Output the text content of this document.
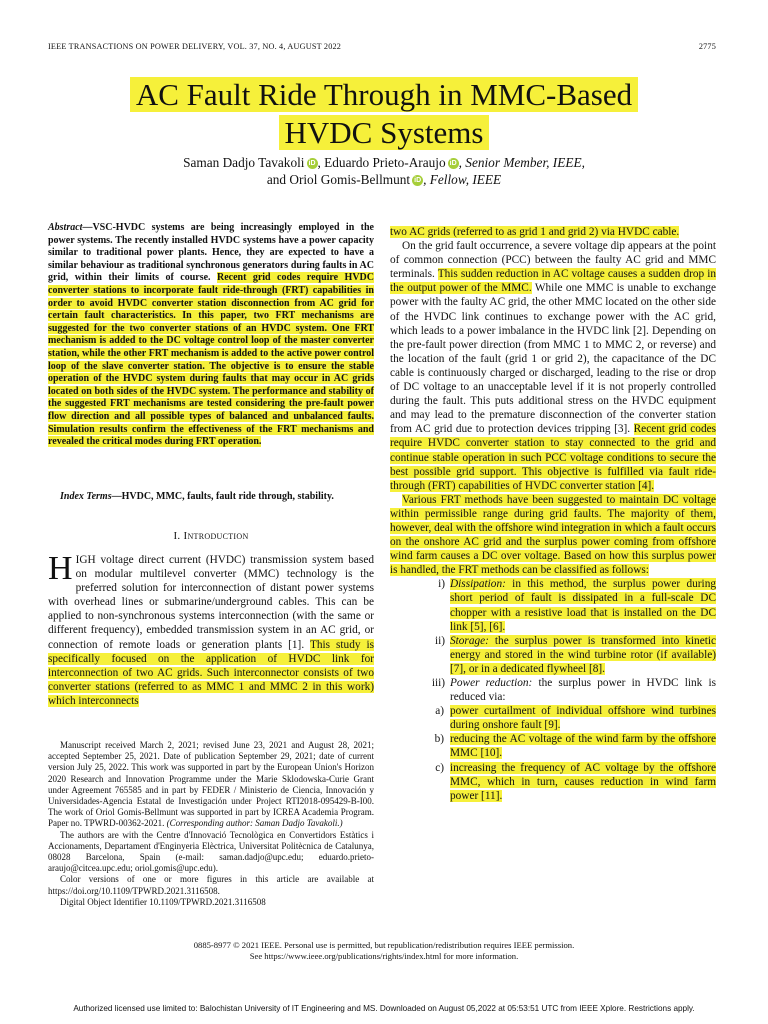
IEEE TRANSACTIONS ON POWER DELIVERY, VOL. 37, NO. 4, AUGUST 2022	2775
AC Fault Ride Through in MMC-Based
HVDC Systems
Saman Dadjo Tavakoli iD , Eduardo Prieto-Araujo iD , Senior Member, IEEE,
and Oriol Gomis-Bellmunt iD , Fellow, IEEE
Abstract—VSC-HVDC systems are being increasingly employed in the power systems. The recently installed HVDC systems have a power capacity similar to traditional power plants. Hence, they are expected to have a similar behaviour as traditional synchronous generators during faults in AC grid, within their limits of course. Recent grid codes require HVDC converter stations to incorporate fault ride-through (FRT) capabilities in order to avoid HVDC converter station disconnection from AC grid for certain fault characteristics. In this paper, two FRT mechanisms are suggested for the two converter stations of an HVDC system. One FRT mechanism is added to the DC voltage control loop of the master converter station, while the other FRT mechanism is added to the active power control loop of the slave converter station. The objective is to ensure the stable operation of the HVDC system during faults that may occur in AC grids located on both sides of the HVDC system. The performance and stability of the suggested FRT mechanisms are tested considering the pre-fault power flow direction and all possible types of balanced and unbalanced faults. Simulation results confirm the effectiveness of the FRT mechanisms and revealed the critical modes during FRT operation.
Index Terms—HVDC, MMC, faults, fault ride through, stability.
I. Introduction
HIGH voltage direct current (HVDC) transmission system based on modular multilevel converter (MMC) technology is the preferred solution for interconnection of distant power systems with overhead lines or submarine/underground cables. This can be applied to non-synchronous systems interconnection (with the same or different frequency), embedded transmission system in an AC grid, or connection of remote loads or generation plants [1]. This study is specifically focused on the application of HVDC link for interconnection of two AC grids. Such interconnector consists of two converter stations (referred to as MMC 1 and MMC 2 in this work) which interconnects

Manuscript received March 2, 2021; revised June 23, 2021 and August 28, 2021; accepted September 25, 2021. Date of publication September 29, 2021; date of current version July 25, 2022. This work was supported in part by the European Union's Horizon 2020 Research and Innovation Programme under the Marie Sklodowska-Curie Grant under Agreement 765585 and in part by FEDER / Ministerio de Ciencia, Innovación y Universidades-Agencia Estatal de Investigación under Project RTI2018-095429-B-I00. The work of Oriol Gomis-Bellmunt was supported in part by ICREA Academia Program. Paper no. TPWRD-00362-2021. (Corresponding author: Saman Dadjo Tavakoli.)

The authors are with the Centre d'Innovació Tecnològica en Convertidors Estàtics i Accionaments, Departament d'Enginyeria Elèctrica, Universitat Politècnica de Catalunya, 08028 Barcelona, Spain (e-mail: saman.dadjo@upc.edu; eduardo.prieto-araujo@citcea.upc.edu; oriol.gomis@upc.edu).

Color versions of one or more figures in this article are available at https://doi.org/10.1109/TPWRD.2021.3116508.

Digital Object Identifier 10.1109/TPWRD.2021.3116508

two AC grids (referred to as grid 1 and grid 2) via HVDC cable.

On the grid fault occurrence, a severe voltage dip appears at the point of common connection (PCC) between the faulty AC grid and MMC terminals. This sudden reduction in AC voltage causes a sudden drop in the output power of the MMC. While one MMC is unable to exchange power with the faulty AC grid, the other MMC located on the other side of the HVDC link continues to exchange power with the AC grid, which leads to a power imbalance in the HVDC link [2]. Depending on the pre-fault power direction (from MMC 1 to MMC 2, or reverse) and the location of the fault (grid 1 or grid 2), the capacitance of the DC cable is continuously charged or discharged, leading to the rise or drop of DC voltage to an unacceptable level if it is not properly controlled during the fault. This puts additional stress on the HVDC equipment and may lead to the premature disconnection of the converter station from AC grid due to protection devices tripping [3]. Recent grid codes require HVDC converter station to stay connected to the grid and continue stable operation in such PCC voltage conditions to secure the best possible grid support. This objective is fulfilled via fault ride-through (FRT) capabilities of HVDC converter station [4].

Various FRT methods have been suggested to maintain DC voltage within permissible range during grid faults. The majority of them, however, deal with the offshore wind integration in which a fault occurs on the onshore AC grid and the surplus power coming from offshore wind farm causes a DC over voltage. Based on how this surplus power is handled, the FRT methods can be classified as follows:

i) Dissipation: in this method, the surplus power during short period of fault is dissipated in a full-scale DC chopper with a resistive load that is installed on the DC link [5], [6].
ii) Storage: the surplus power is transformed into kinetic energy and stored in the wind turbine rotor (if available) [7], or in a dedicated flywheel [8].
iii) Power reduction: the surplus power in HVDC link is reduced via:
a) power curtailment of individual offshore wind turbines during onshore fault [9].
b) reducing the AC voltage of the wind farm by the offshore MMC [10].
c) increasing the frequency of AC voltage by the offshore MMC, which in turn, causes reduction in wind farm power [11].
0885-8977 © 2021 IEEE. Personal use is permitted, but republication/redistribution requires IEEE permission.
See https://www.ieee.org/publications/rights/index.html for more information.
Authorized licensed use limited to: Balochistan University of IT Engineering and MS. Downloaded on August 05,2022 at 05:53:51 UTC from IEEE Xplore. Restrictions apply.
